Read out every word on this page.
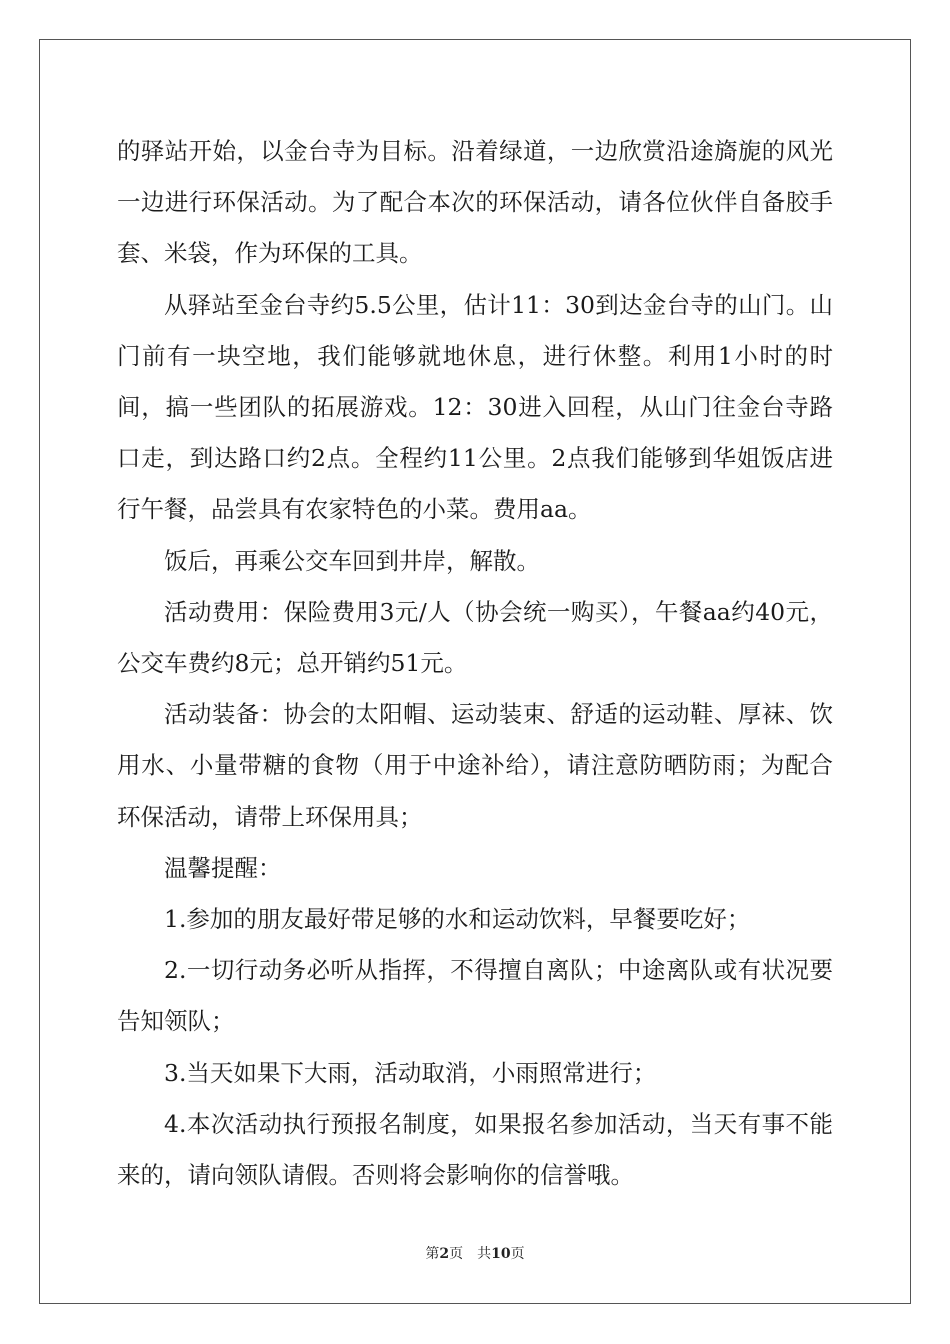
的驿站开始，以金台寺为目标。沿着绿道，一边欣赏沿途旖旎的风光一边进行环保活动。为了配合本次的环保活动，请各位伙伴自备胶手套、米袋，作为环保的工具。

从驿站至金台寺约5.5公里，估计11：30到达金台寺的山门。山门前有一块空地，我们能够就地休息，进行休整。利用1小时的时间，搞一些团队的拓展游戏。12：30进入回程，从山门往金台寺路口走，到达路口约2点。全程约11公里。2点我们能够到华姐饭店进行午餐，品尝具有农家特色的小菜。费用aa。

饭后，再乘公交车回到井岸，解散。

活动费用：保险费用3元/人（协会统一购买），午餐aa约40元，公交车费约8元；总开销约51元。

活动装备：协会的太阳帽、运动装束、舒适的运动鞋、厚袜、饮用水、小量带糖的食物（用于中途补给），请注意防晒防雨；为配合环保活动，请带上环保用具；

温馨提醒：

1.参加的朋友最好带足够的水和运动饮料，早餐要吃好；

2.一切行动务必听从指挥，不得擅自离队；中途离队或有状况要告知领队；

3.当天如果下大雨，活动取消，小雨照常进行；

4.本次活动执行预报名制度，如果报名参加活动，当天有事不能来的，请向领队请假。否则将会影响你的信誉哦。

第2页 共10页
